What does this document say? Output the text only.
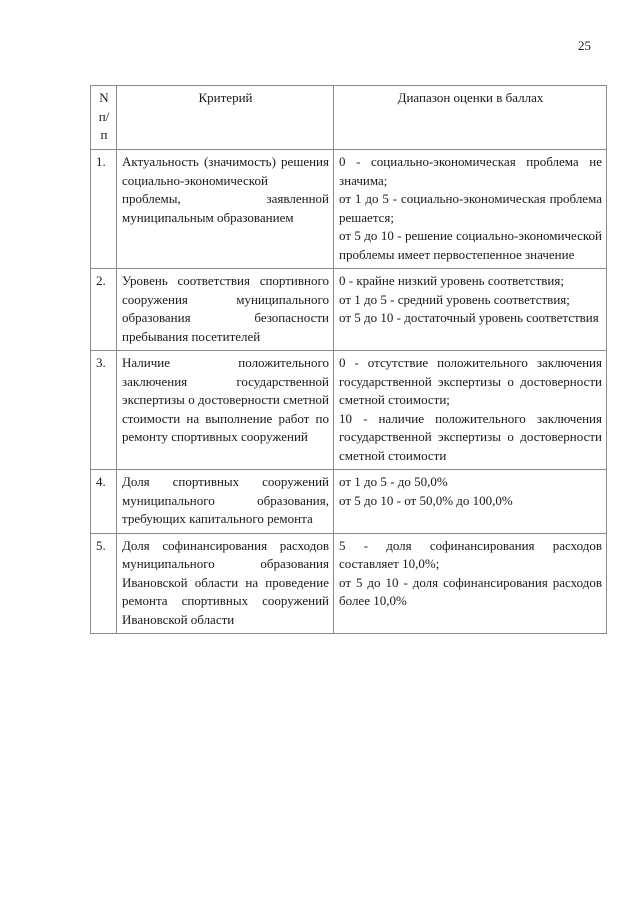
25
N
п/
п	Критерий	Диапазон оценки в баллах
1.	Актуальность (значимость) решения социально-экономической проблемы, заявленной муниципальным образованием	0 - социально-экономическая проблема не значима;
от 1 до 5 - социально-экономическая проблема решается;
от 5 до 10 - решение социально-экономической проблемы имеет первостепенное значение

2.	Уровень соответствия спортивного сооружения муниципального образования безопасности пребывания посетителей	0 - крайне низкий уровень соответствия;
от 1 до 5 - средний уровень соответствия;
от 5 до 10 - достаточный уровень соответствия

3.	Наличие положительного заключения государственной экспертизы о достоверности сметной стоимости на выполнение работ по ремонту спортивных сооружений	0 - отсутствие положительного заключения государственной экспертизы о достоверности сметной стоимости;
10 - наличие положительного заключения государственной экспертизы о достоверности сметной стоимости

4.	Доля спортивных сооружений муниципального образования, требующих капитального ремонта	от 1 до 5 - до 50,0%
от 5 до 10 - от 50,0% до 100,0%

5.	Доля софинансирования расходов муниципального образования Ивановской области на проведение ремонта спортивных сооружений Ивановской области	5 - доля софинансирования расходов составляет 10,0%;
от 5 до 10 - доля софинансирования расходов более 10,0%
